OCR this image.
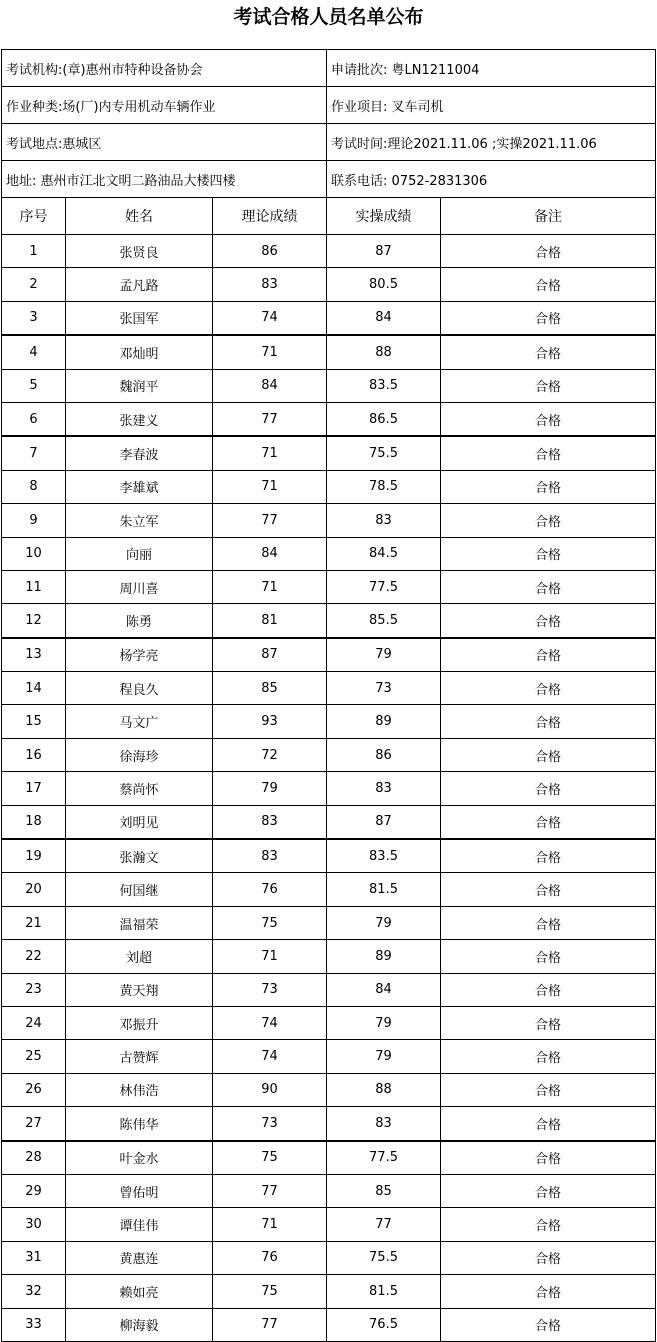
考试合格人员名单公布
考试机构:(章)惠州市特种设备协会			申请批次: 粤LN1211004	
作业种类:场(厂)内专用机动车辆作业			作业项目: 叉车司机	
考试地点:惠城区			考试时间:理论2021.11.06 ;实操2021.11.06	
地址: 惠州市江北文明二路油品大楼四楼			联系电话: 0752-2831306	
序号	姓名	理论成绩	实操成绩	备注
1	张贤良	86	87	合格
2	孟凡路	83	80.5	合格
3	张国军	74	84	合格
4	邓灿明	71	88	合格
5	魏润平	84	83.5	合格
6	张建义	77	86.5	合格
7	李春波	71	75.5	合格
8	李雄斌	71	78.5	合格
9	朱立军	77	83	合格
10	向丽	84	84.5	合格
11	周川喜	71	77.5	合格
12	陈勇	81	85.5	合格
13	杨学亮	87	79	合格
14	程良久	85	73	合格
15	马文广	93	89	合格
16	徐海珍	72	86	合格
17	蔡尚怀	79	83	合格
18	刘明见	83	87	合格
19	张瀚文	83	83.5	合格
20	何国继	76	81.5	合格
21	温福荣	75	79	合格
22	刘超	71	89	合格
23	黄天翔	73	84	合格
24	邓振升	74	79	合格
25	古赞辉	74	79	合格
26	林伟浩	90	88	合格
27	陈伟华	73	83	合格
28	叶金水	75	77.5	合格
29	曾佑明	77	85	合格
30	谭佳伟	71	77	合格
31	黄惠连	76	75.5	合格
32	赖如亮	75	81.5	合格
33	柳海毅	77	76.5	合格
